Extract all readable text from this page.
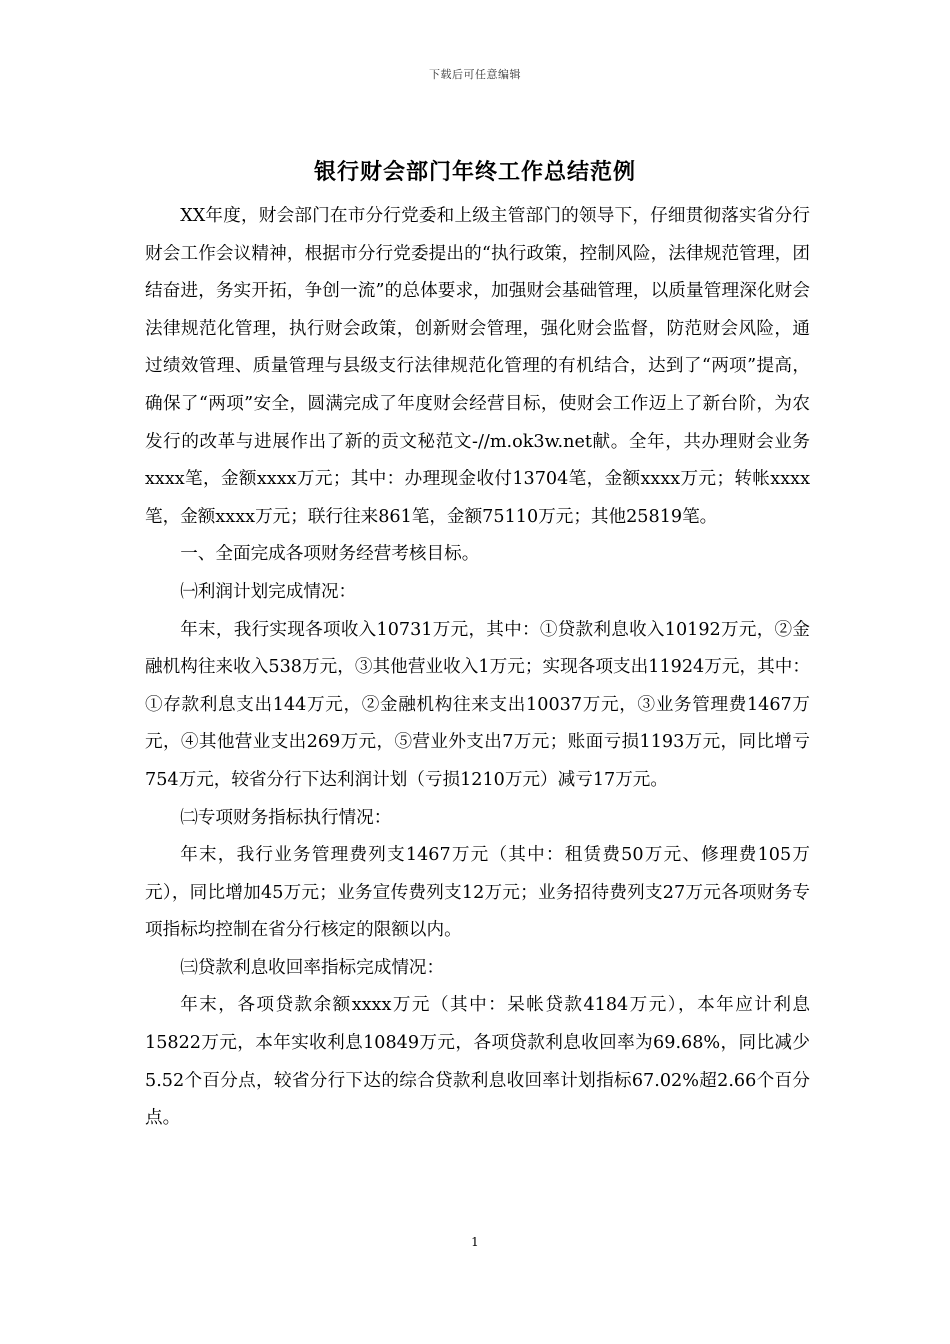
下载后可任意编辑
银行财会部门年终工作总结范例

XX年度，财会部门在市分行党委和上级主管部门的领导下，仔细贯彻落实省分行财会工作会议精神，根据市分行党委提出的“执行政策，控制风险，法律规范管理，团结奋进，务实开拓，争创一流”的总体要求，加强财会基础管理，以质量管理深化财会法律规范化管理，执行财会政策，创新财会管理，强化财会监督，防范财会风险，通过绩效管理、质量管理与县级支行法律规范化管理的有机结合，达到了“两项”提高，确保了“两项”安全，圆满完成了年度财会经营目标，使财会工作迈上了新台阶，为农发行的改革与进展作出了新的贡文秘范文-//m.ok3w.net献。全年，共办理财会业务xxxx笔，金额xxxx万元；其中：办理现金收付13704笔，金额xxxx万元；转帐xxxx笔，金额xxxx万元；联行往来861笔，金额75110万元；其他25819笔。

一、全面完成各项财务经营考核目标。

㈠利润计划完成情况：

年末，我行实现各项收入10731万元，其中：①贷款利息收入10192万元，②金融机构往来收入538万元，③其他营业收入1万元；实现各项支出11924万元，其中：①存款利息支出144万元，②金融机构往来支出10037万元，③业务管理费1467万元，④其他营业支出269万元，⑤营业外支出7万元；账面亏损1193万元，同比增亏754万元，较省分行下达利润计划（亏损1210万元）减亏17万元。

㈡专项财务指标执行情况：

年末，我行业务管理费列支1467万元（其中：租赁费50万元、修理费105万元），同比增加45万元；业务宣传费列支12万元；业务招待费列支27万元各项财务专项指标均控制在省分行核定的限额以内。

㈢贷款利息收回率指标完成情况：

年末，各项贷款余额xxxx万元（其中：呆帐贷款4184万元），本年应计利息15822万元，本年实收利息10849万元，各项贷款利息收回率为69.68%，同比减少5.52个百分点，较省分行下达的综合贷款利息收回率计划指标67.02%超2.66个百分点。

1
